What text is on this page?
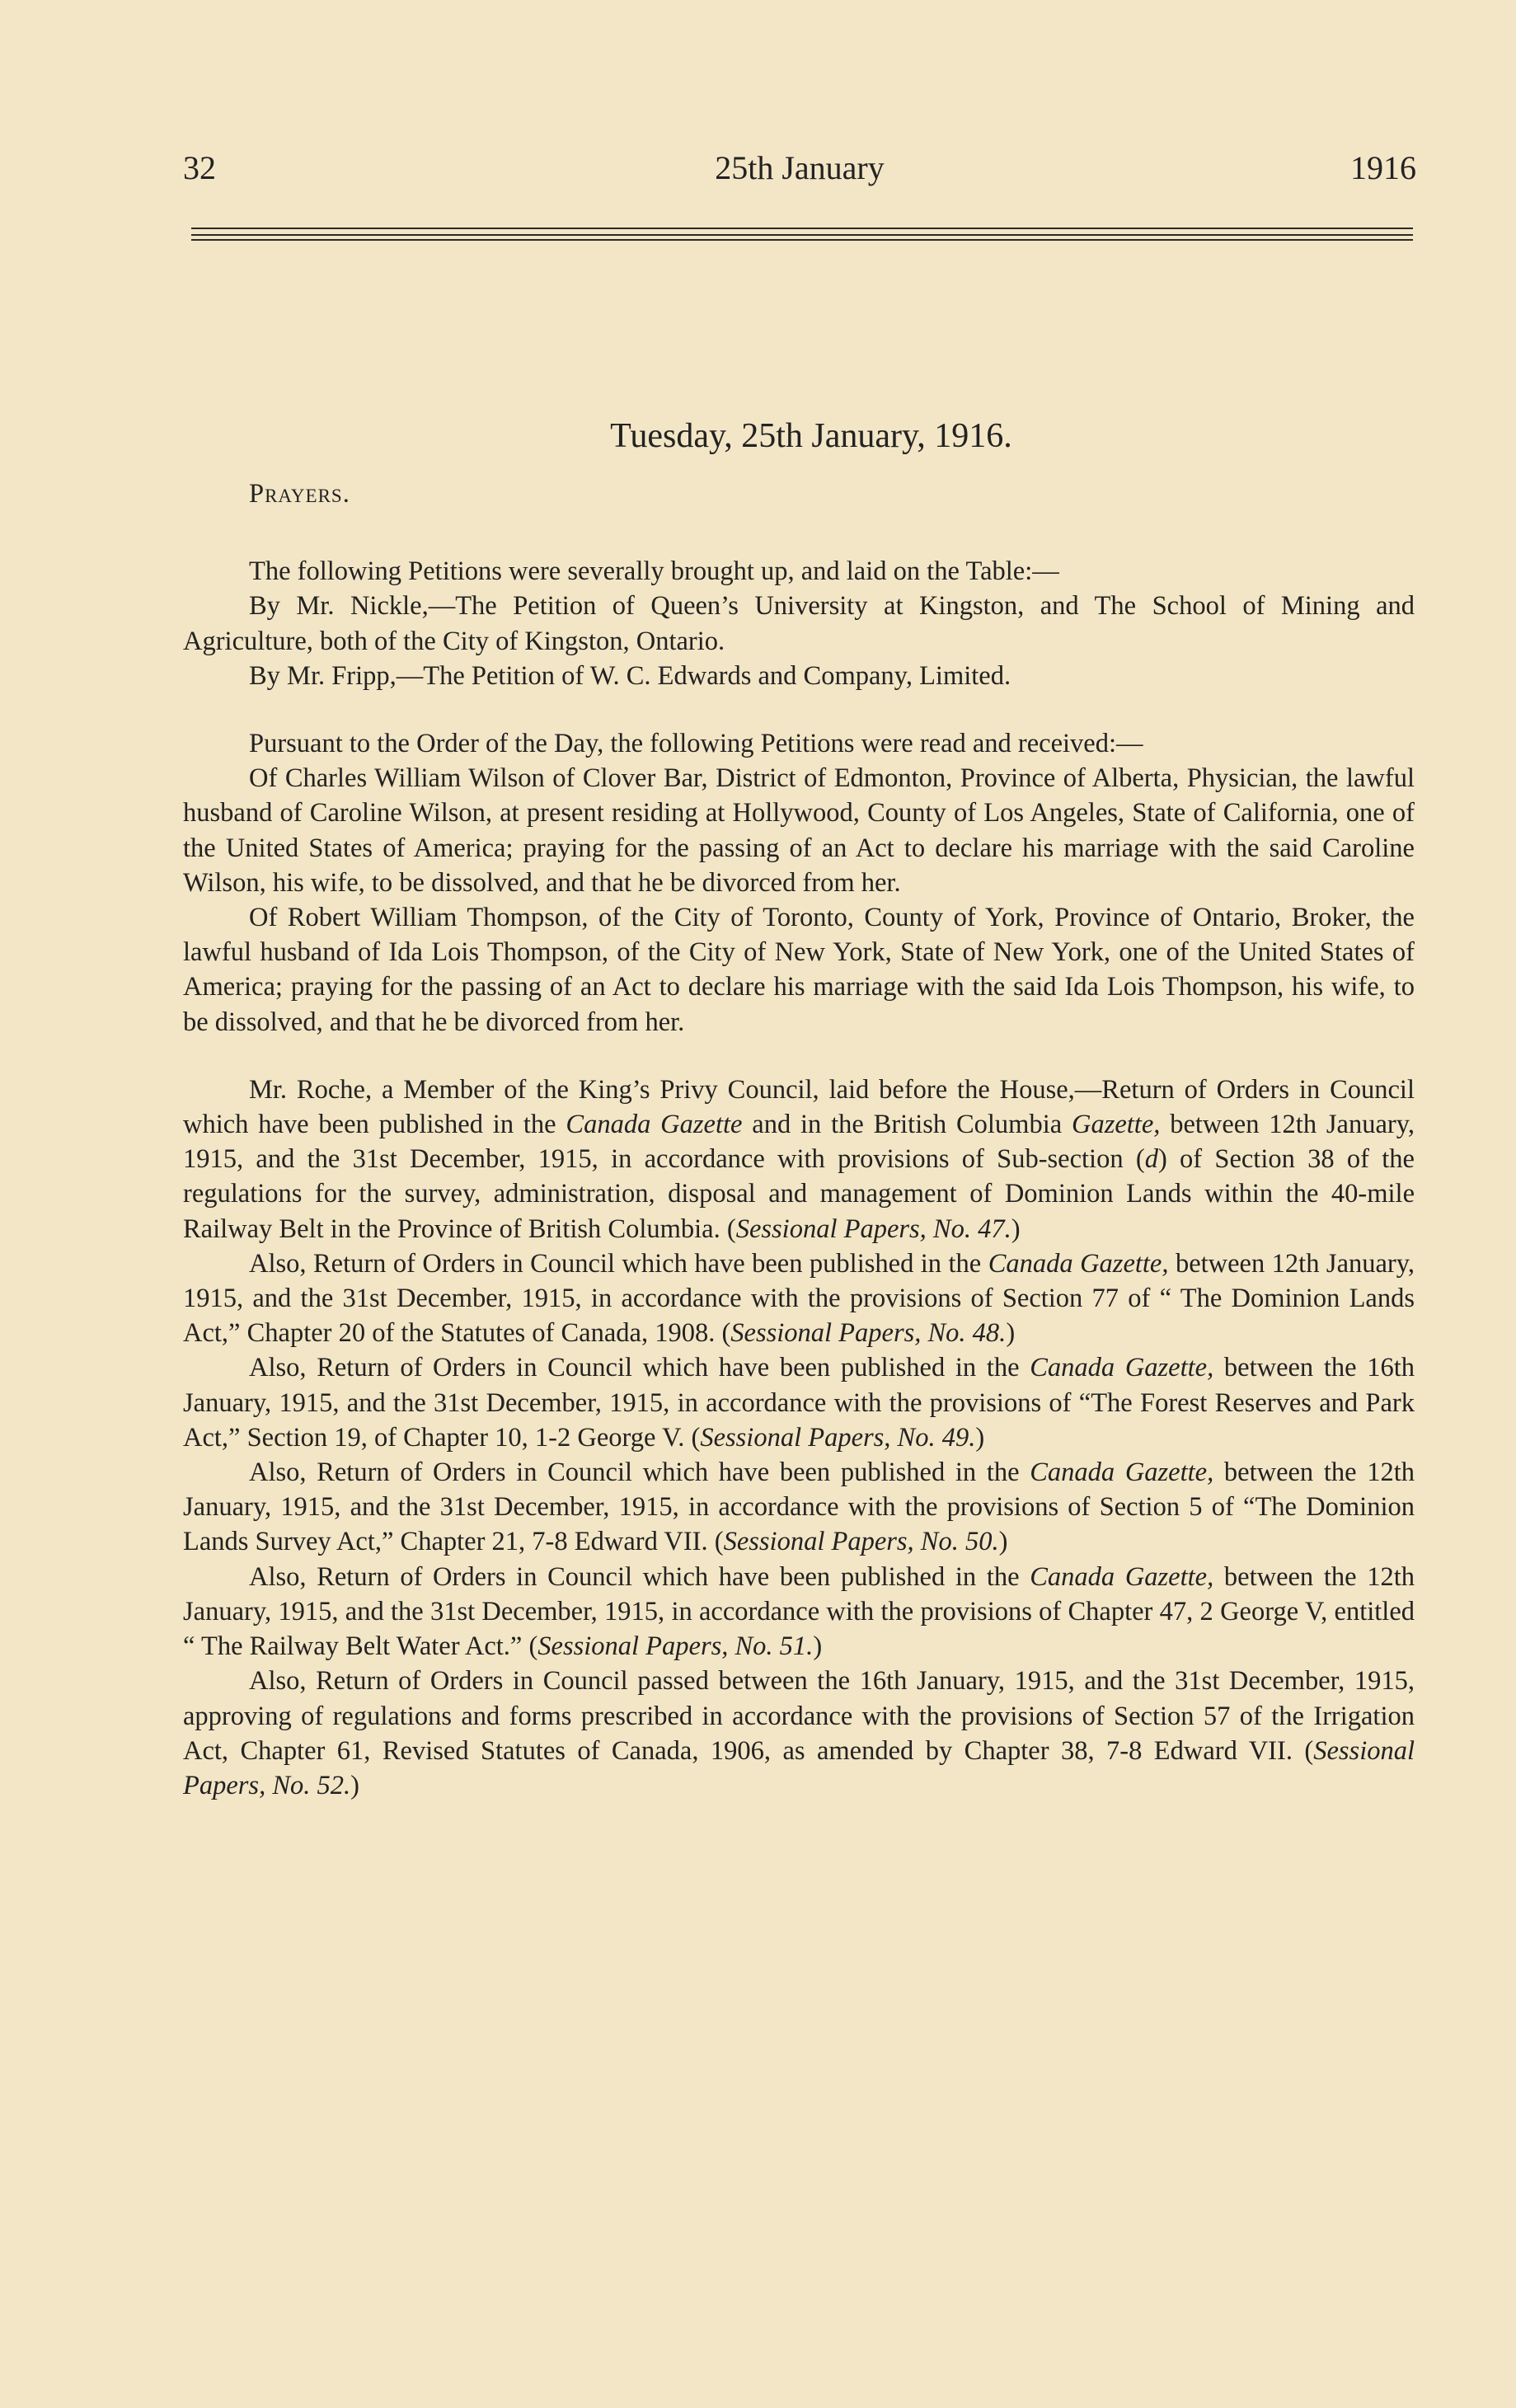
32	25th January	1916
Tuesday, 25th January, 1916.
Prayers.

The following Petitions were severally brought up, and laid on the Table:—

By Mr. Nickle,—The Petition of Queen’s University at Kingston, and The School of Mining and Agriculture, both of the City of Kingston, Ontario.

By Mr. Fripp,—The Petition of W. C. Edwards and Company, Limited.

Pursuant to the Order of the Day, the following Petitions were read and received:—

Of Charles William Wilson of Clover Bar, District of Edmonton, Province of Alberta, Physician, the lawful husband of Caroline Wilson, at present residing at Hollywood, County of Los Angeles, State of California, one of the United States of America; praying for the passing of an Act to declare his marriage with the said Caroline Wilson, his wife, to be dissolved, and that he be divorced from her.

Of Robert William Thompson, of the City of Toronto, County of York, Province of Ontario, Broker, the lawful husband of Ida Lois Thompson, of the City of New York, State of New York, one of the United States of America; praying for the passing of an Act to declare his marriage with the said Ida Lois Thompson, his wife, to be dissolved, and that he be divorced from her.

Mr. Roche, a Member of the King’s Privy Council, laid before the House,—Return of Orders in Council which have been published in the Canada Gazette and in the British Columbia Gazette, between 12th January, 1915, and the 31st December, 1915, in accordance with provisions of Sub-section (d) of Section 38 of the regulations for the survey, administration, disposal and management of Dominion Lands within the 40-mile Railway Belt in the Province of British Columbia. (Sessional Papers, No. 47.)

Also, Return of Orders in Council which have been published in the Canada Gazette, between 12th January, 1915, and the 31st December, 1915, in accordance with the provisions of Section 77 of “ The Dominion Lands Act,” Chapter 20 of the Statutes of Canada, 1908. (Sessional Papers, No. 48.)

Also, Return of Orders in Council which have been published in the Canada Gazette, between the 16th January, 1915, and the 31st December, 1915, in accordance with the provisions of “The Forest Reserves and Park Act,” Section 19, of Chapter 10, 1-2 George V. (Sessional Papers, No. 49.)

Also, Return of Orders in Council which have been published in the Canada Gazette, between the 12th January, 1915, and the 31st December, 1915, in accordance with the provisions of Section 5 of “The Dominion Lands Survey Act,” Chapter 21, 7-8 Edward VII. (Sessional Papers, No. 50.)

Also, Return of Orders in Council which have been published in the Canada Gazette, between the 12th January, 1915, and the 31st December, 1915, in accordance with the provisions of Chapter 47, 2 George V, entitled “ The Railway Belt Water Act.” (Sessional Papers, No. 51.)

Also, Return of Orders in Council passed between the 16th January, 1915, and the 31st December, 1915, approving of regulations and forms prescribed in accordance with the provisions of Section 57 of the Irrigation Act, Chapter 61, Revised Statutes of Canada, 1906, as amended by Chapter 38, 7-8 Edward VII. (Sessional Papers, No. 52.)
